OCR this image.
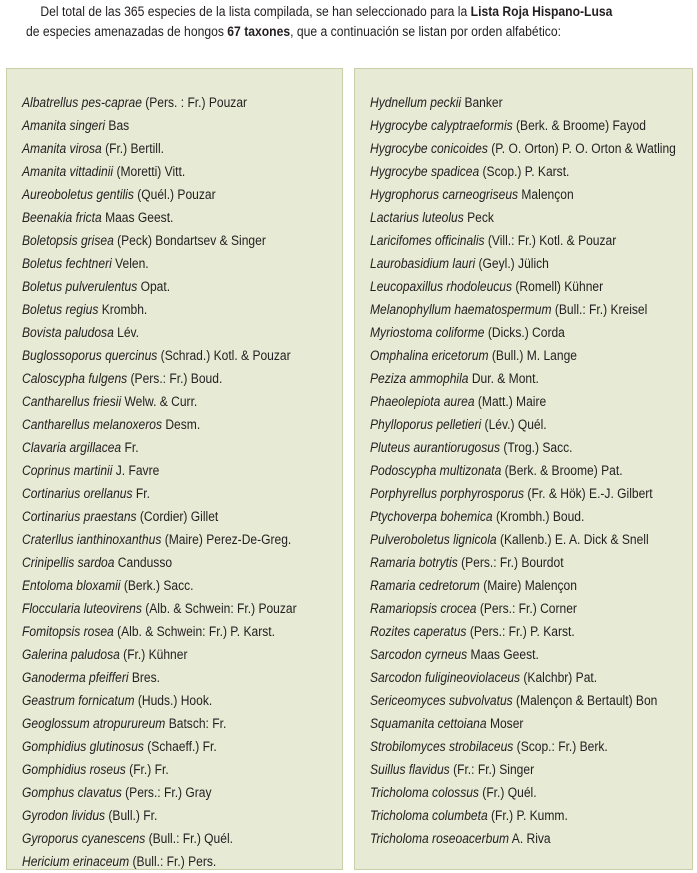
Del total de las 365 especies de la lista compilada, se han seleccionado para la Lista Roja Hispano-Lusa
de especies amenazadas de hongos 67 taxones, que a continuación se listan por orden alfabético:
Albatrellus pes-caprae (Pers. : Fr.) Pouzar
Amanita singeri Bas
Amanita virosa (Fr.) Bertill.
Amanita vittadinii (Moretti) Vitt.
Aureoboletus gentilis (Quél.) Pouzar
Beenakia fricta Maas Geest.
Boletopsis grisea (Peck) Bondartsev & Singer
Boletus fechtneri Velen.
Boletus pulverulentus Opat.
Boletus regius Krombh.
Bovista paludosa Lév.
Buglossoporus quercinus (Schrad.) Kotl. & Pouzar
Caloscypha fulgens (Pers.: Fr.) Boud.
Cantharellus friesii Welw. & Curr.
Cantharellus melanoxeros Desm.
Clavaria argillacea Fr.
Coprinus martinii J. Favre
Cortinarius orellanus Fr.
Cortinarius praestans (Cordier) Gillet
Craterllus ianthinoxanthus (Maire) Perez-De-Greg.
Crinipellis sardoa Candusso
Entoloma bloxamii (Berk.) Sacc.
Floccularia luteovirens (Alb. & Schwein: Fr.) Pouzar
Fomitopsis rosea (Alb. & Schwein: Fr.) P. Karst.
Galerina paludosa (Fr.) Kühner
Ganoderma pfeifferi Bres.
Geastrum fornicatum (Huds.) Hook.
Geoglossum atropurureum Batsch: Fr.
Gomphidius glutinosus (Schaeff.) Fr.
Gomphidius roseus (Fr.) Fr.
Gomphus clavatus (Pers.: Fr.) Gray
Gyrodon lividus (Bull.) Fr.
Gyroporus cyanescens (Bull.: Fr.) Quél.
Hericium erinaceum (Bull.: Fr.) Pers.
Hydnellum peckii Banker
Hygrocybe calyptraeformis (Berk. & Broome) Fayod
Hygrocybe conicoides (P. O. Orton) P. O. Orton & Watling
Hygrocybe spadicea (Scop.) P. Karst.
Hygrophorus carneogriseus Malençon
Lactarius luteolus Peck
Laricifomes officinalis (Vill.: Fr.) Kotl. & Pouzar
Laurobasidium lauri (Geyl.) Jülich
Leucopaxillus rhodoleucus (Romell) Kühner
Melanophyllum haematospermum (Bull.: Fr.) Kreisel
Myriostoma coliforme (Dicks.) Corda
Omphalina ericetorum (Bull.) M. Lange
Peziza ammophila Dur. & Mont.
Phaeolepiota aurea (Matt.) Maire
Phylloporus pelletieri (Lév.) Quél.
Pluteus aurantiorugosus (Trog.) Sacc.
Podoscypha multizonata (Berk. & Broome) Pat.
Porphyrellus porphyrosporus (Fr. & Hök) E.-J. Gilbert
Ptychoverpa bohemica (Krombh.) Boud.
Pulveroboletus lignicola (Kallenb.) E. A. Dick & Snell
Ramaria botrytis (Pers.: Fr.) Bourdot
Ramaria cedretorum (Maire) Malençon
Ramariopsis crocea (Pers.: Fr.) Corner
Rozites caperatus (Pers.: Fr.) P. Karst.
Sarcodon cyrneus Maas Geest.
Sarcodon fuligineoviolaceus (Kalchbr) Pat.
Sericeomyces subvolvatus (Malençon & Bertault) Bon
Squamanita cettoiana Moser
Strobilomyces strobilaceus (Scop.: Fr.) Berk.
Suillus flavidus (Fr.: Fr.) Singer
Tricholoma colossus (Fr.) Quél.
Tricholoma columbeta (Fr.) P. Kumm.
Tricholoma roseoacerbum A. Riva
